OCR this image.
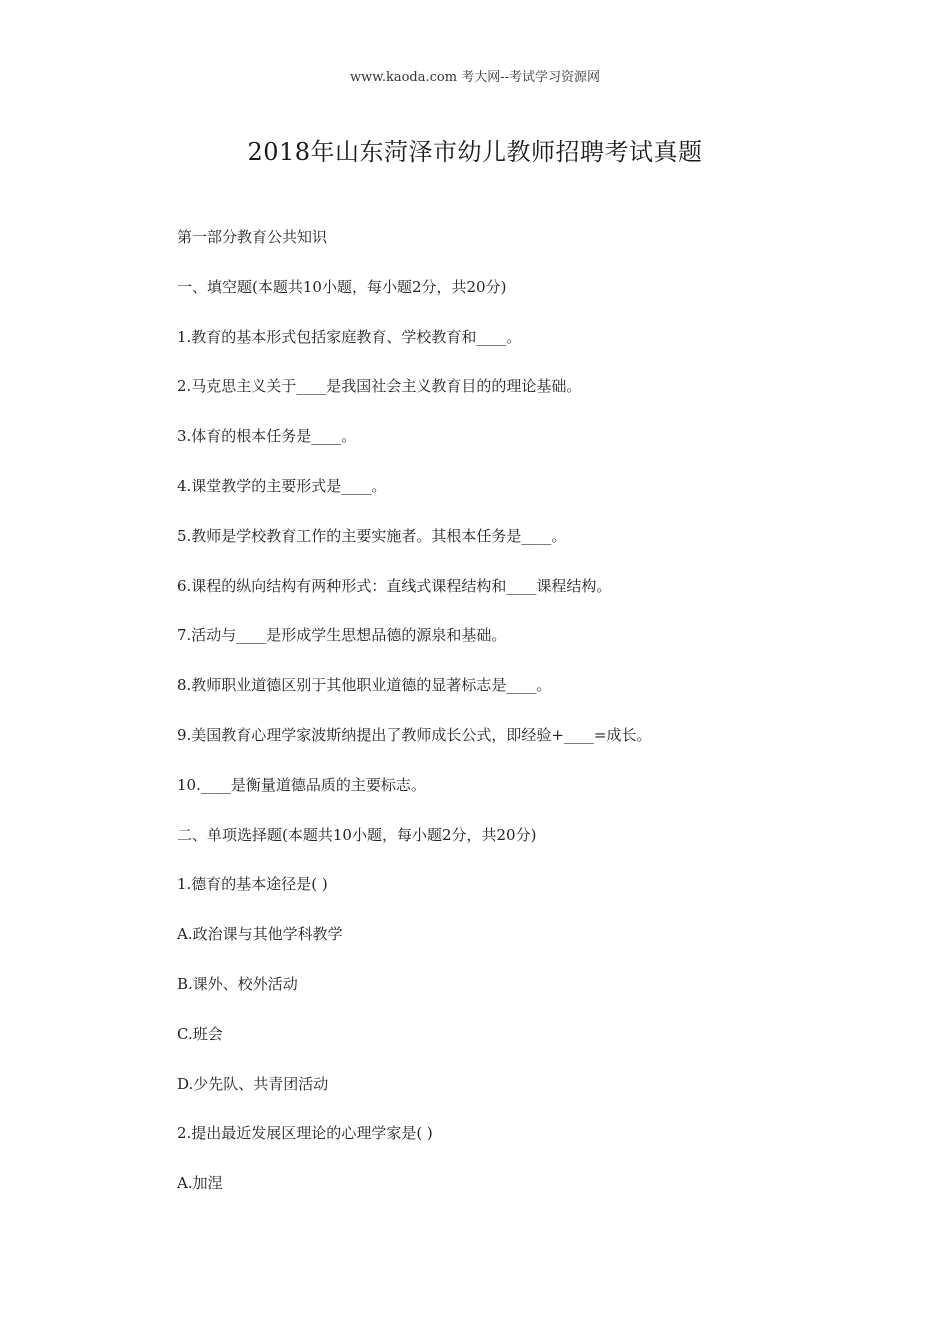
www.kaoda.com 考大网--考试学习资源网
2018年山东菏泽市幼儿教师招聘考试真题
第一部分教育公共知识
一、填空题(本题共10小题，每小题2分，共20分)
1.教育的基本形式包括家庭教育、学校教育和____。
2.马克思主义关于____是我国社会主义教育目的的理论基础。
3.体育的根本任务是____。
4.课堂教学的主要形式是____。
5.教师是学校教育工作的主要实施者。其根本任务是____。
6.课程的纵向结构有两种形式：直线式课程结构和____课程结构。
7.活动与____是形成学生思想品德的源泉和基础。
8.教师职业道德区别于其他职业道德的显著标志是____。
9.美国教育心理学家波斯纳提出了教师成长公式，即经验+____=成长。
10.____是衡量道德品质的主要标志。
二、单项选择题(本题共10小题，每小题2分，共20分)
1.德育的基本途径是( )
A.政治课与其他学科教学
B.课外、校外活动
C.班会
D.少先队、共青团活动
2.提出最近发展区理论的心理学家是( )
A.加涅
